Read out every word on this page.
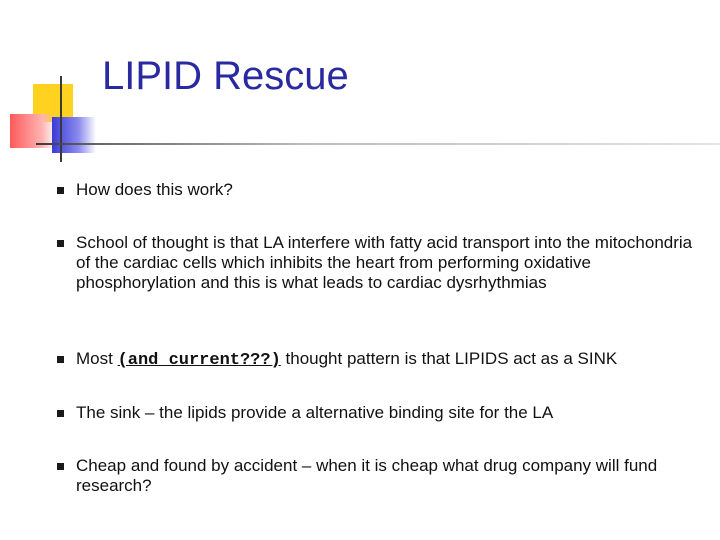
LIPID Rescue
How does this work?
School of thought is that LA interfere with fatty acid transport into the mitochondria of the cardiac cells which inhibits the heart from performing oxidative phosphorylation and this is what leads to cardiac dysrhythmias
Most (and current???) thought pattern is that LIPIDS act as a SINK
The sink – the lipids provide a alternative binding site for the LA
Cheap and found by accident – when it is cheap what drug company will fund research?
